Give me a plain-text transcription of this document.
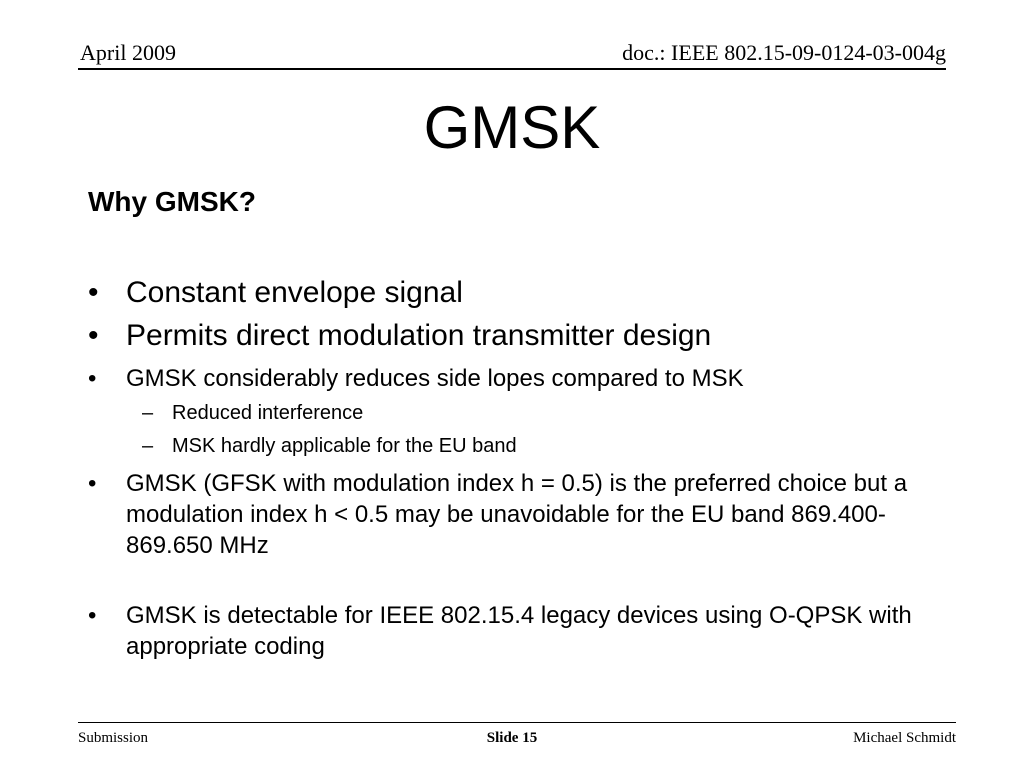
April 2009	doc.: IEEE 802.15-09-0124-03-004g
GMSK
Why GMSK?
• Constant envelope signal
• Permits direct modulation transmitter design
• GMSK considerably reduces side lopes compared to MSK
– Reduced interference
– MSK hardly applicable for the EU band
• GMSK (GFSK with modulation index h = 0.5) is the preferred choice but a modulation index h < 0.5 may be unavoidable for the EU band 869.400-869.650 MHz
• GMSK is detectable for IEEE 802.15.4 legacy devices using O-QPSK with appropriate coding
Submission	Slide 15	Michael Schmidt
